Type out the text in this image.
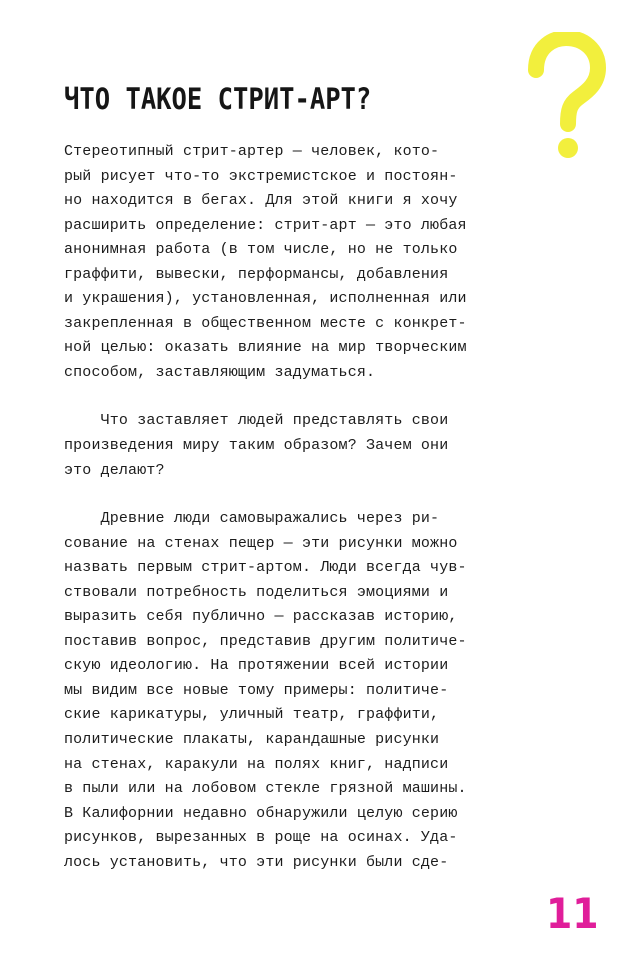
ЧТО ТАКОЕ СТРИТ-АРТ?
Стереотипный стрит-артер — человек, кото-
рый рисует что-то экстремистское и постоян-
но находится в бегах. Для этой книги я хочу
расширить определение: стрит-арт — это любая
анонимная работа (в том числе, но не только
граффити, вывески, перформансы, добавления
и украшения), установленная, исполненная или
закрепленная в общественном месте с конкрет-
ной целью: оказать влияние на мир творческим
способом, заставляющим задуматься.
Что заставляет людей представлять свои
произведения миру таким образом? Зачем они
это делают?
Древние люди самовыражались через ри-
сование на стенах пещер — эти рисунки можно
назвать первым стрит-артом. Люди всегда чув-
ствовали потребность поделиться эмоциями и
выразить себя публично — рассказав историю,
поставив вопрос, представив другим политиче-
скую идеологию. На протяжении всей истории
мы видим все новые тому примеры: политиче-
ские карикатуры, уличный театр, граффити,
политические плакаты, карандашные рисунки
на стенах, каракули на полях книг, надписи
в пыли или на лобовом стекле грязной машины.
В Калифорнии недавно обнаружили целую серию
рисунков, вырезанных в роще на осинах. Уда-
лось установить, что эти рисунки были сде-

11
